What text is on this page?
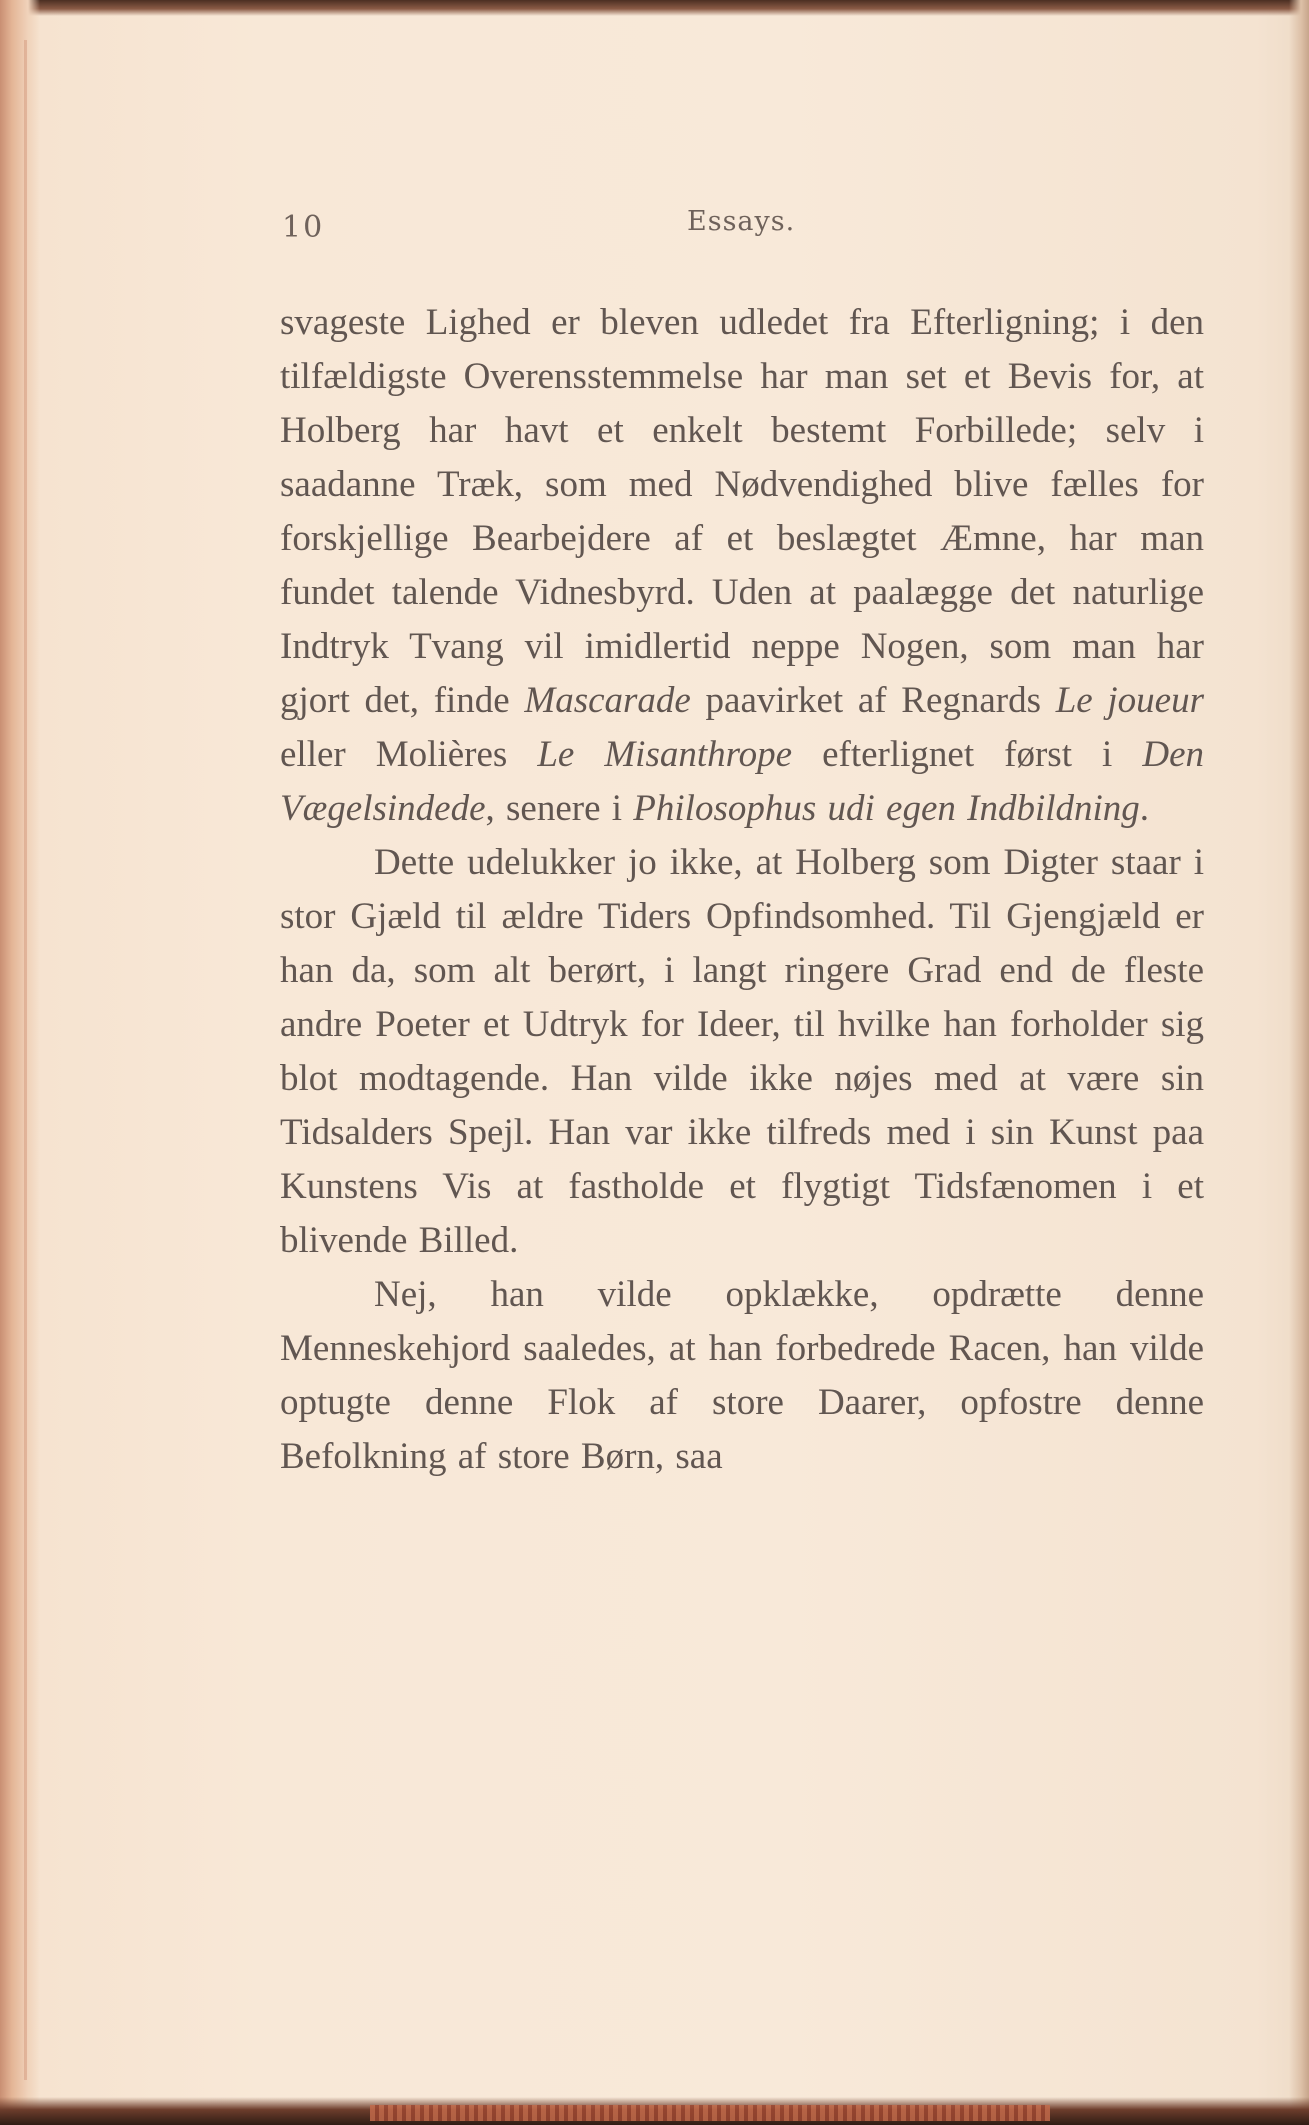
10	Essays.

svageste Lighed er bleven udledet fra Efterligning; i den tilfældigste Overensstemmelse har man set et Bevis for, at Holberg har havt et enkelt bestemt Forbillede; selv i saadanne Træk, som med Nødvendighed blive fælles for forskjellige Bearbejdere af et beslægtet Æmne, har man fundet talende Vidnesbyrd. Uden at paalægge det naturlige Indtryk Tvang vil imidlertid neppe Nogen, som man har gjort det, finde Mascarade paavirket af Regnards Le joueur eller Molières Le Misanthrope efterlignet først i Den Vægelsindede, senere i Philosophus udi egen Indbildning.

Dette udelukker jo ikke, at Holberg som Digter staar i stor Gjæld til ældre Tiders Opfindsomhed. Til Gjengjæld er han da, som alt berørt, i langt ringere Grad end de fleste andre Poeter et Udtryk for Ideer, til hvilke han forholder sig blot modtagende. Han vilde ikke nøjes med at være sin Tidsalders Spejl. Han var ikke tilfreds med i sin Kunst paa Kunstens Vis at fastholde et flygtigt Tidsfænomen i et blivende Billed.

Nej, han vilde opklække, opdrætte denne Menneskehjord saaledes, at han forbedrede Racen, han vilde optugte denne Flok af store Daarer, opfostre denne Befolkning af store Børn, saa
